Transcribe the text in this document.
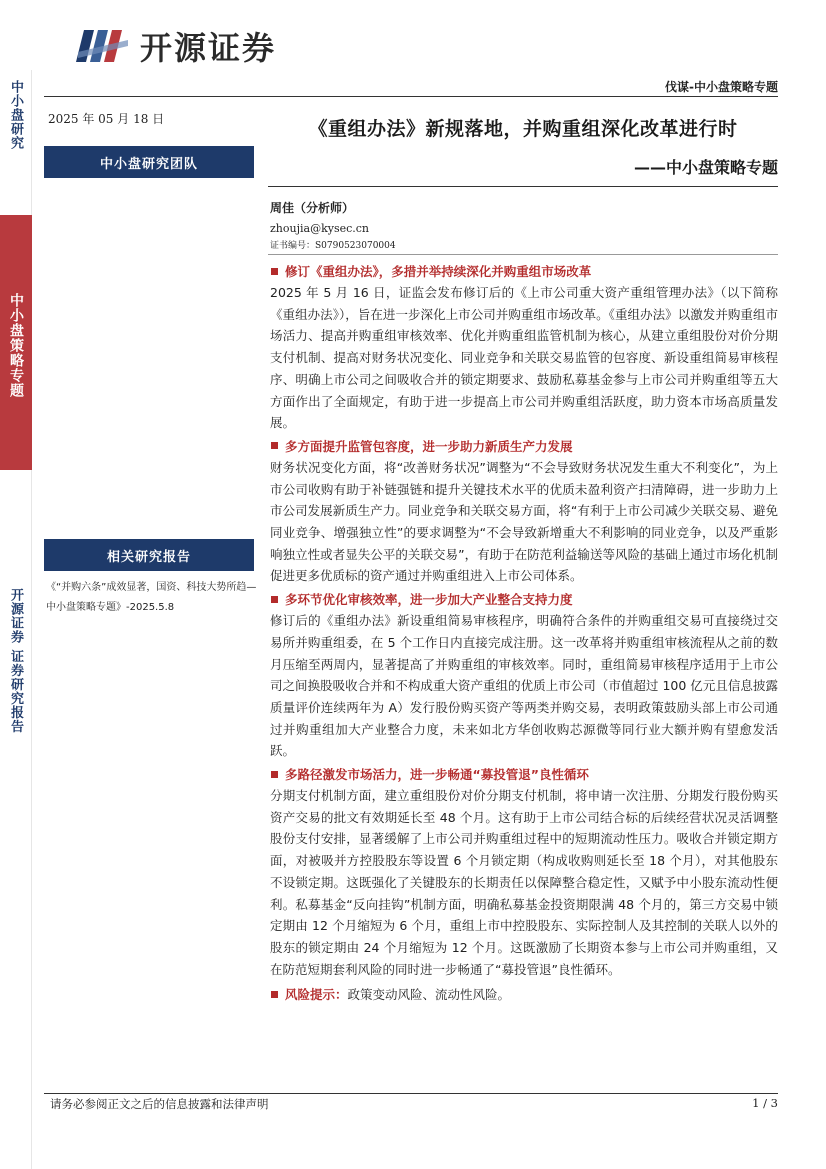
中小盘研究
中小盘策略专题
开源证券 证券研究报告
开源证券
伐谋-中小盘策略专题
2025 年 05 月 18 日
中小盘研究团队
相关研究报告
《“并购六条”成效显著，国资、科技大势所趋—中小盘策略专题》-2025.5.8
《重组办法》新规落地，并购重组深化改革进行时
——中小盘策略专题
周佳（分析师）
zhoujia@kysec.cn
证书编号：S0790523070004
修订《重组办法》，多措并举持续深化并购重组市场改革
2025 年 5 月 16 日，证监会发布修订后的《上市公司重大资产重组管理办法》（以下简称《重组办法》），旨在进一步深化上市公司并购重组市场改革。《重组办法》以激发并购重组市场活力、提高并购重组审核效率、优化并购重组监管机制为核心，从建立重组股份对价分期支付机制、提高对财务状况变化、同业竞争和关联交易监管的包容度、新设重组简易审核程序、明确上市公司之间吸收合并的锁定期要求、鼓励私募基金参与上市公司并购重组等五大方面作出了全面规定，有助于进一步提高上市公司并购重组活跃度，助力资本市场高质量发展。
多方面提升监管包容度，进一步助力新质生产力发展
财务状况变化方面，将“改善财务状况”调整为“不会导致财务状况发生重大不利变化”，为上市公司收购有助于补链强链和提升关键技术水平的优质未盈利资产扫清障碍，进一步助力上市公司发展新质生产力。同业竞争和关联交易方面，将“有利于上市公司减少关联交易、避免同业竞争、增强独立性”的要求调整为“不会导致新增重大不利影响的同业竞争，以及严重影响独立性或者显失公平的关联交易”，有助于在防范利益输送等风险的基础上通过市场化机制促进更多优质标的资产通过并购重组进入上市公司体系。
多环节优化审核效率，进一步加大产业整合支持力度
修订后的《重组办法》新设重组简易审核程序，明确符合条件的并购重组交易可直接绕过交易所并购重组委，在 5 个工作日内直接完成注册。这一改革将并购重组审核流程从之前的数月压缩至两周内，显著提高了并购重组的审核效率。同时，重组简易审核程序适用于上市公司之间换股吸收合并和不构成重大资产重组的优质上市公司（市值超过 100 亿元且信息披露质量评价连续两年为 A）发行股份购买资产等两类并购交易，表明政策鼓励头部上市公司通过并购重组加大产业整合力度，未来如北方华创收购芯源微等同行业大额并购有望愈发活跃。
多路径激发市场活力，进一步畅通“募投管退”良性循环
分期支付机制方面，建立重组股份对价分期支付机制，将申请一次注册、分期发行股份购买资产交易的批文有效期延长至 48 个月。这有助于上市公司结合标的后续经营状况灵活调整股份支付安排，显著缓解了上市公司并购重组过程中的短期流动性压力。吸收合并锁定期方面，对被吸并方控股股东等设置 6 个月锁定期（构成收购则延长至 18 个月），对其他股东不设锁定期。这既强化了关键股东的长期责任以保障整合稳定性，又赋予中小股东流动性便利。私募基金“反向挂钩”机制方面，明确私募基金投资期限满 48 个月的，第三方交易中锁定期由 12 个月缩短为 6 个月，重组上市中控股股东、实际控制人及其控制的关联人以外的股东的锁定期由 24 个月缩短为 12 个月。这既激励了长期资本参与上市公司并购重组，又在防范短期套利风险的同时进一步畅通了“募投管退”良性循环。
风险提示： 政策变动风险、流动性风险。
请务必参阅正文之后的信息披露和法律声明	1 / 3
